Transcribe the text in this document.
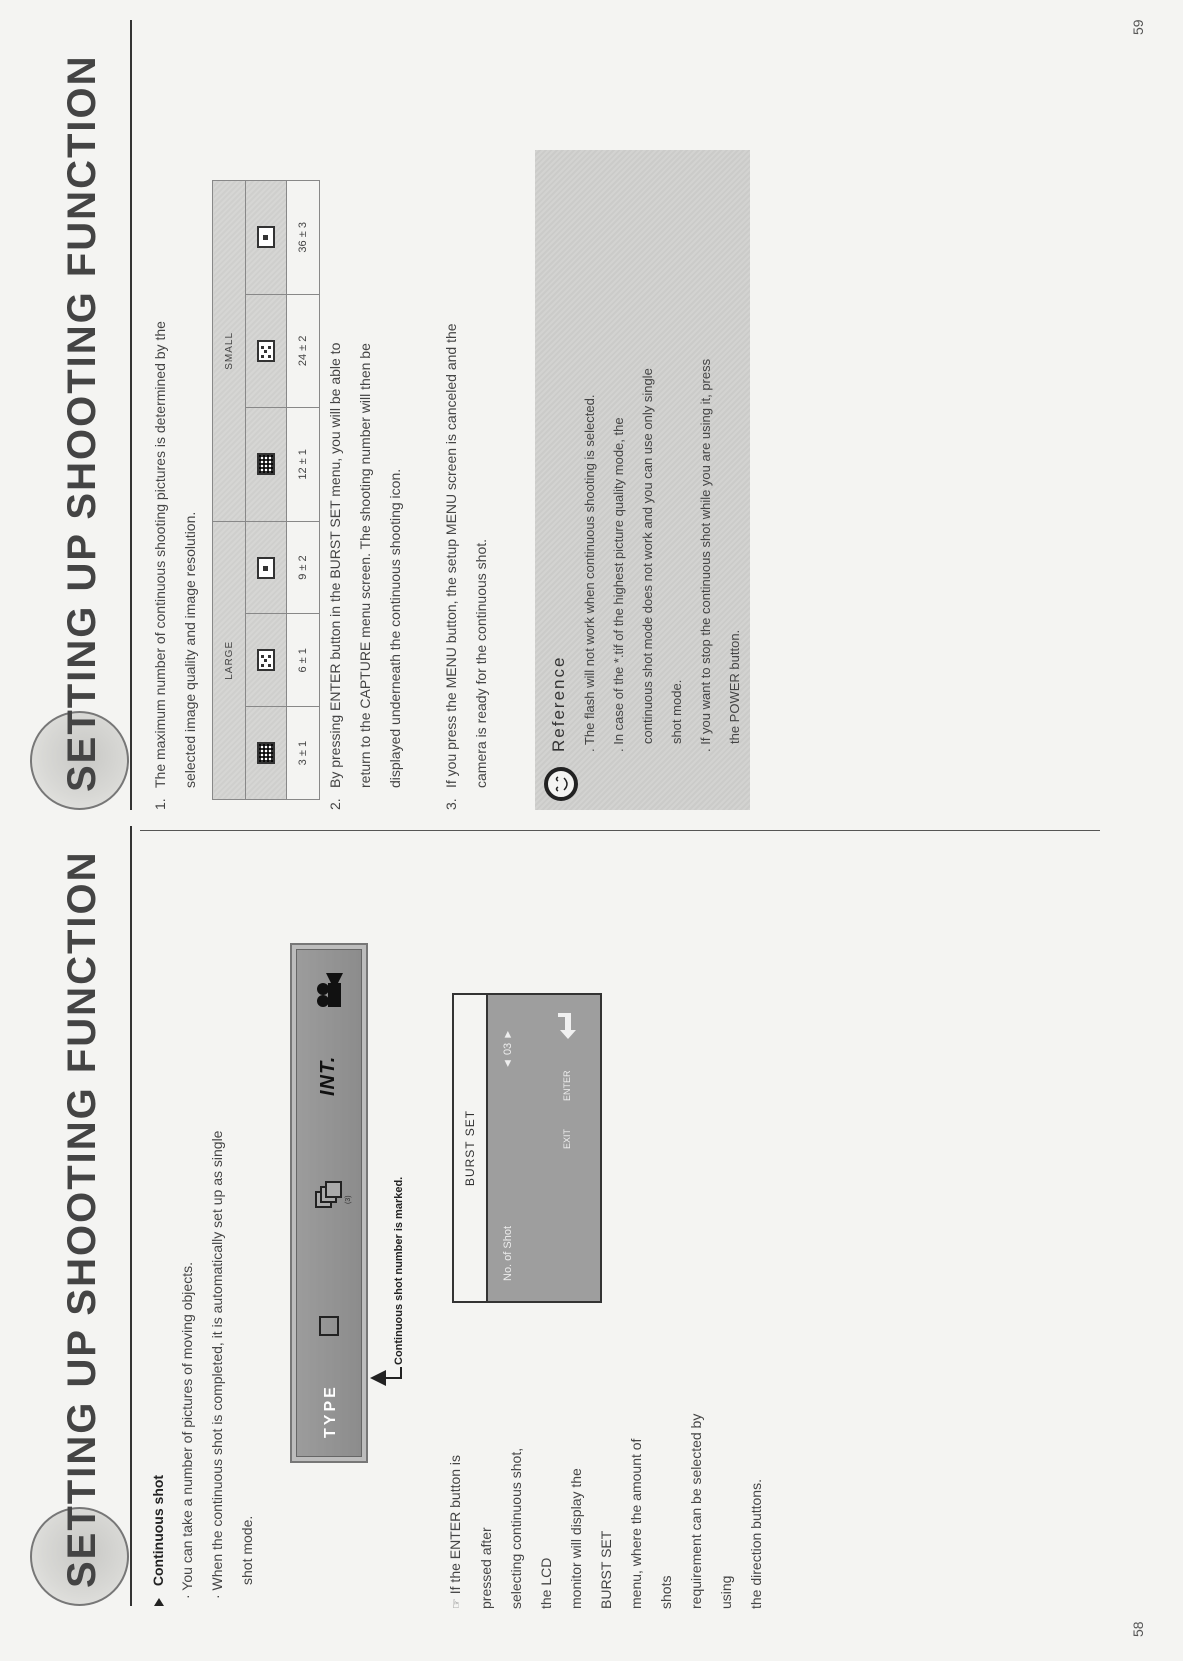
SETTING UP SHOOTING FUNCTION	Continuous shot · You can take a number of pictures of moving objects.	· When the continuous shot is completed, it is automatically set up as single	shot mode.
TYPE
(3)
INT.
Continuous shot number is marked.
☞If the ENTER button is pressed after	selecting continuous shot, the LCD	monitor will display the BURST SET	menu, where the amount of shots	requirement can be selected by using	the direction buttons.
BURST SET
No. of Shot
◄ 03 ►
EXIT
ENTER
58
SETTING UP SHOOTING FUNCTION
1.
The maximum number of continuous shooting pictures is determined by the	selected image quality and image resolution.	LARGE			SMALL		

3 ± 1	6 ± 1	9 ± 2	12 ± 1	24 ± 2	36 ± 3
2.
By pressing ENTER button in the BURST SET menu, you will be able to	return to the CAPTURE menu screen. The shooting number will then be	displayed underneath the continuous shooting icon.
3.
If you press the MENU button, the setup MENU screen is canceled and the	camera is ready for the continuous shot.	Reference	. The flash will not work when continuous shooting is selected.	. In case of the *.tif of the highest picture quality mode, the	continuous shot mode does not work and you can use only single	shot mode.	. If you want to stop the continuous shot while you are using it, press	the POWER button.
59
